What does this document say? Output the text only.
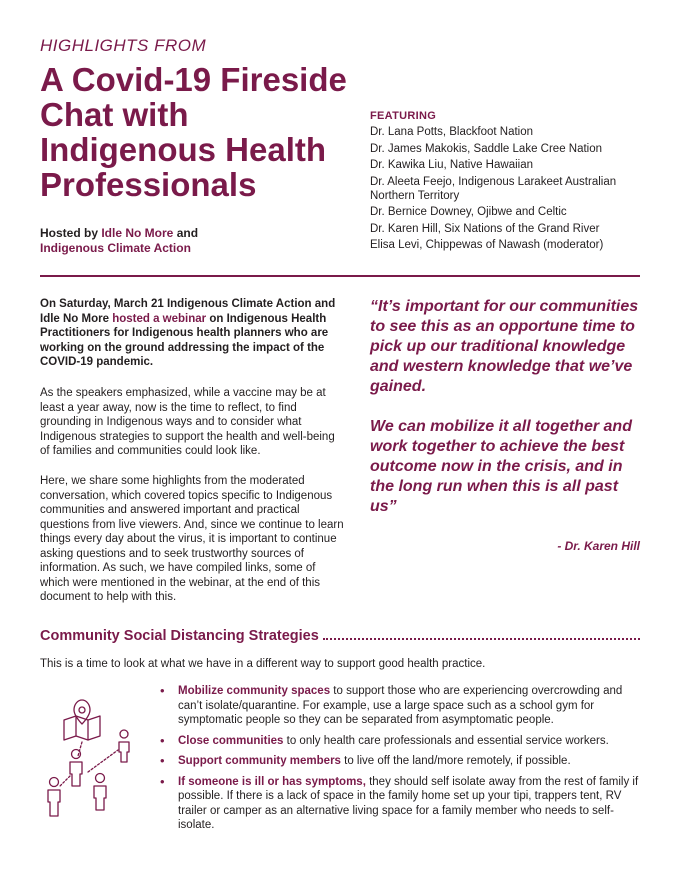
HIGHLIGHTS FROM
A Covid-19 Fireside Chat with Indigenous Health Professionals
Hosted by Idle No More and
Indigenous Climate Action
FEATURING
Dr. Lana Potts, Blackfoot Nation
Dr. James Makokis, Saddle Lake Cree Nation
Dr. Kawika Liu, Native Hawaiian
Dr. Aleeta Feejo, Indigenous Larakeet Australian Northern Territory
Dr. Bernice Downey, Ojibwe and Celtic
Dr. Karen Hill, Six Nations of the Grand River
Elisa Levi, Chippewas of Nawash (moderator)
On Saturday, March 21 Indigenous Climate Action and Idle No More hosted a webinar on Indigenous Health Practitioners for Indigenous health planners who are working on the ground addressing the impact of the COVID-19 pandemic.
As the speakers emphasized, while a vaccine may be at least a year away, now is the time to reflect, to find grounding in Indigenous ways and to consider what Indigenous strategies to support the health and well-being of families and communities could look like.
Here, we share some highlights from the moderated conversation, which covered topics specific to Indigenous communities and answered important and practical questions from live viewers. And, since we continue to learn things every day about the virus, it is important to continue asking questions and to seek trustworthy sources of information. As such, we have compiled links, some of which were mentioned in the webinar, at the end of this document to help with this.
“It’s important for our communities to see this as an opportune time to pick up our traditional knowledge and western knowledge that we’ve gained.
We can mobilize it all together and work together to achieve the best outcome now in the crisis, and in the long run when this is all past us”
- Dr. Karen Hill
Community Social Distancing Strategies
This is a time to look at what we have in a different way to support good health practice.
• Mobilize community spaces to support those who are experiencing overcrowding and can’t isolate/quarantine. For example, use a large space such as a school gym for symptomatic people so they can be separated from asymptomatic people.
• Close communities to only health care professionals and essential service workers.
• Support community members to live off the land/more remotely, if possible.
• If someone is ill or has symptoms, they should self isolate away from the rest of family if possible. If there is a lack of space in the family home set up your tipi, trappers tent, RV trailer or camper as an alternative living space for a family member who needs to self-isolate.
